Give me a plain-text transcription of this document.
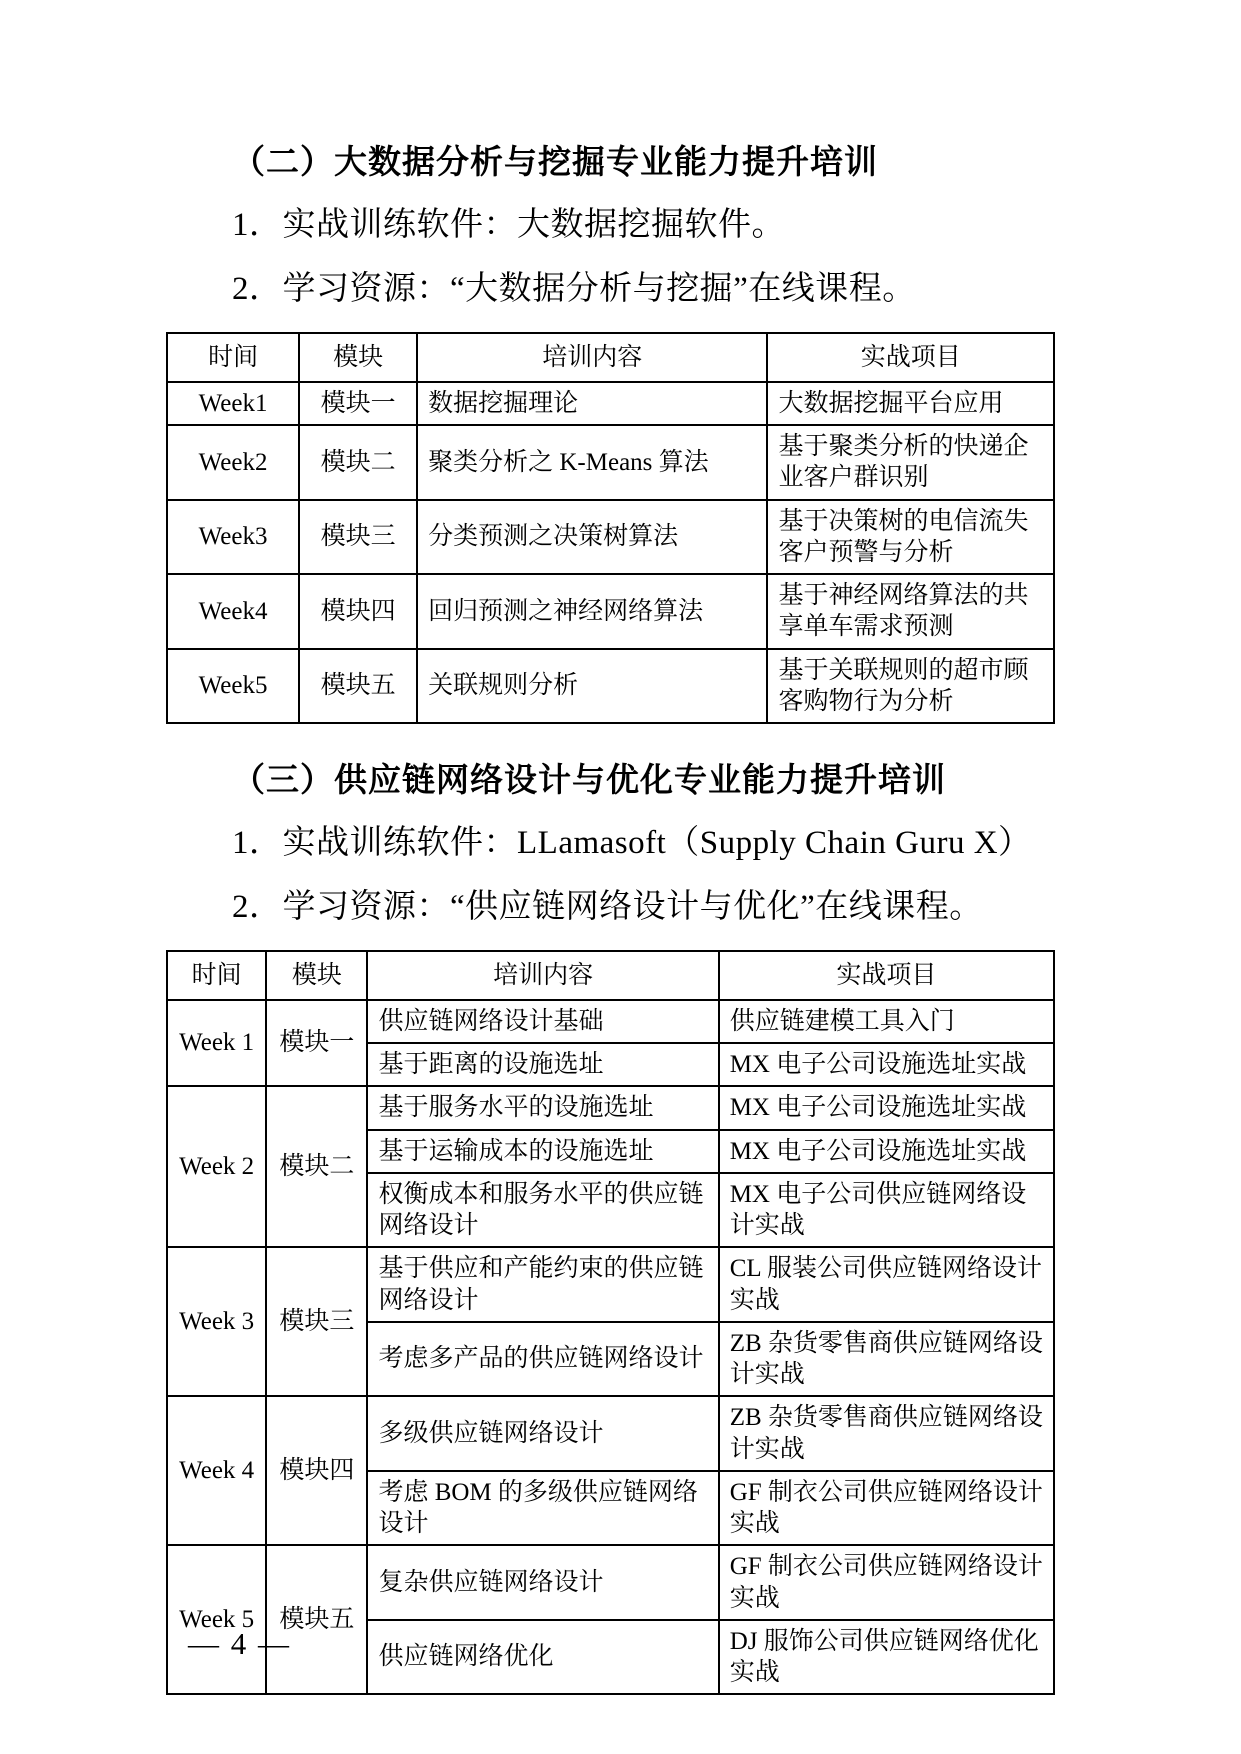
（二）大数据分析与挖掘专业能力提升培训

1．实战训练软件：大数据挖掘软件。

2．学习资源：“大数据分析与挖掘”在线课程。

时间	模块	培训内容	实战项目
Week1	模块一	数据挖掘理论	大数据挖掘平台应用
Week2	模块二	聚类分析之 K-Means 算法	基于聚类分析的快递企业客户群识别
Week3	模块三	分类预测之决策树算法	基于决策树的电信流失客户预警与分析
Week4	模块四	回归预测之神经网络算法	基于神经网络算法的共享单车需求预测
Week5	模块五	关联规则分析	基于关联规则的超市顾客购物行为分析
（三）供应链网络设计与优化专业能力提升培训

1．实战训练软件：LLamasoft（Supply Chain Guru X）

2．学习资源：“供应链网络设计与优化”在线课程。

时间	模块	培训内容	实战项目
Week 1	模块一	供应链网络设计基础	供应链建模工具入门
		基于距离的设施选址	MX 电子公司设施选址实战
Week 2	模块二	基于服务水平的设施选址	MX 电子公司设施选址实战
		基于运输成本的设施选址	MX 电子公司设施选址实战
		权衡成本和服务水平的供应链网络设计	MX 电子公司供应链网络设计实战
Week 3	模块三	基于供应和产能约束的供应链网络设计	CL 服装公司供应链网络设计实战
		考虑多产品的供应链网络设计	ZB 杂货零售商供应链网络设计实战
Week 4	模块四	多级供应链网络设计	ZB 杂货零售商供应链网络设计实战
		考虑 BOM 的多级供应链网络设计	GF 制衣公司供应链网络设计实战
Week 5	模块五	复杂供应链网络设计	GF 制衣公司供应链网络设计实战
		供应链网络优化	DJ 服饰公司供应链网络优化实战
— 4 —
